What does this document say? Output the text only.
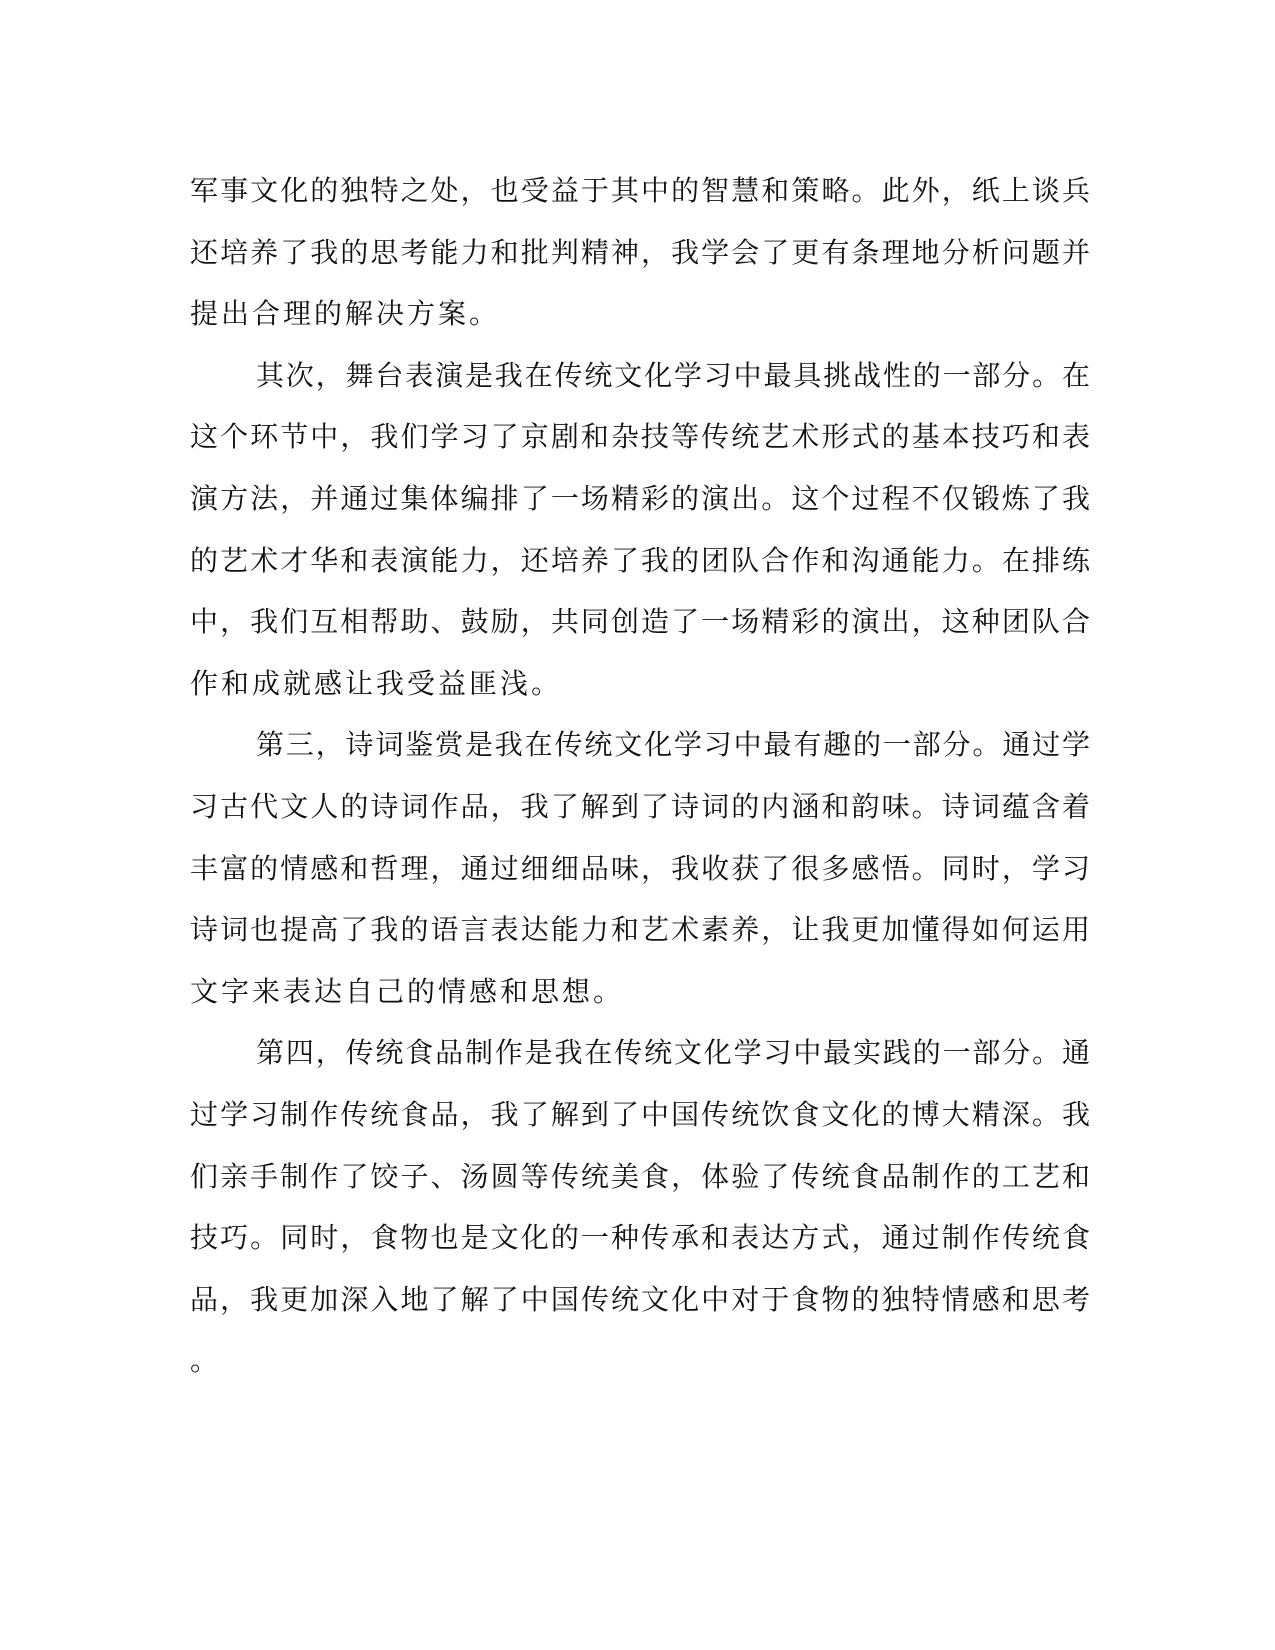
军事文化的独特之处，也受益于其中的智慧和策略。此外，纸上谈兵
还培养了我的思考能力和批判精神，我学会了更有条理地分析问题并
提出合理的解决方案。
其次，舞台表演是我在传统文化学习中最具挑战性的一部分。在
这个环节中，我们学习了京剧和杂技等传统艺术形式的基本技巧和表
演方法，并通过集体编排了一场精彩的演出。这个过程不仅锻炼了我
的艺术才华和表演能力，还培养了我的团队合作和沟通能力。在排练
中，我们互相帮助、鼓励，共同创造了一场精彩的演出，这种团队合
作和成就感让我受益匪浅。
第三，诗词鉴赏是我在传统文化学习中最有趣的一部分。通过学
习古代文人的诗词作品，我了解到了诗词的内涵和韵味。诗词蕴含着
丰富的情感和哲理，通过细细品味，我收获了很多感悟。同时，学习
诗词也提高了我的语言表达能力和艺术素养，让我更加懂得如何运用
文字来表达自己的情感和思想。
第四，传统食品制作是我在传统文化学习中最实践的一部分。通
过学习制作传统食品，我了解到了中国传统饮食文化的博大精深。我
们亲手制作了饺子、汤圆等传统美食，体验了传统食品制作的工艺和
技巧。同时，食物也是文化的一种传承和表达方式，通过制作传统食
品，我更加深入地了解了中国传统文化中对于食物的独特情感和思考
。
